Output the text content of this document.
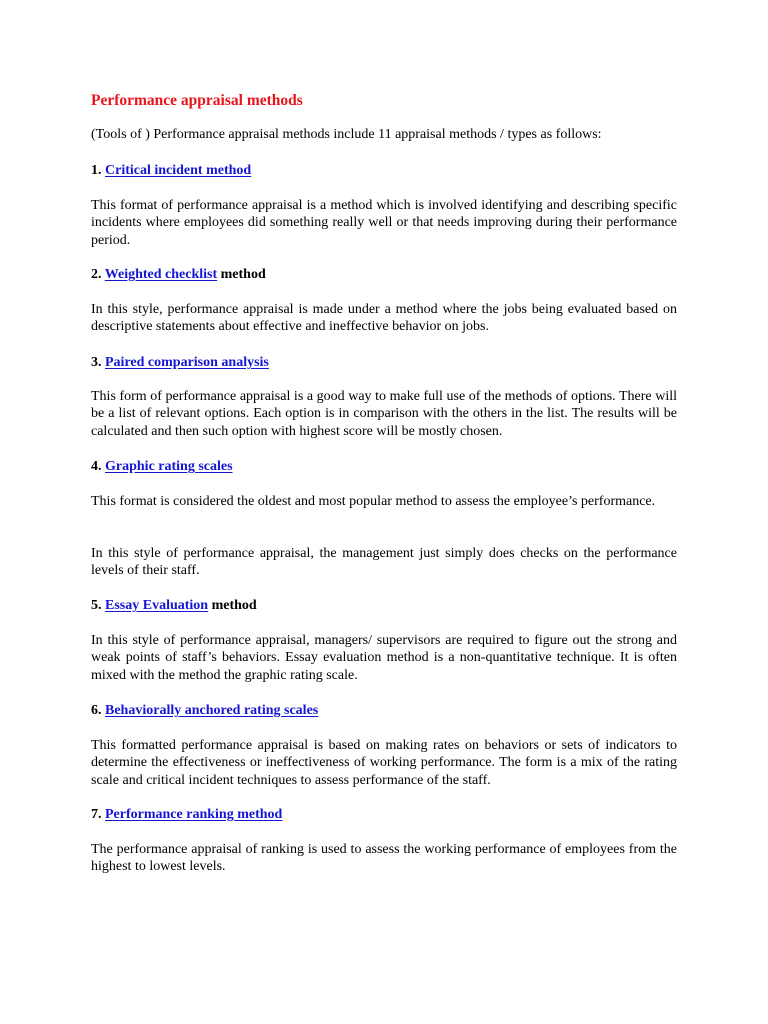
Performance appraisal methods

(Tools of ) Performance appraisal methods include 11 appraisal methods / types as follows:

1. Critical incident method

This format of performance appraisal is a method which is involved identifying and describing specific incidents where employees did something really well or that needs improving during their performance period.

2. Weighted checklist method

In this style, performance appraisal is made under a method where the jobs being evaluated based on descriptive statements about effective and ineffective behavior on jobs.

3. Paired comparison analysis

This form of performance appraisal is a good way to make full use of the methods of options. There will be a list of relevant options. Each option is in comparison with the others in the list. The results will be calculated and then such option with highest score will be mostly chosen.

4. Graphic rating scales

This format is considered the oldest and most popular method to assess the employee’s performance.

In this style of performance appraisal, the management just simply does checks on the performance levels of their staff.

5. Essay Evaluation method

In this style of performance appraisal, managers/ supervisors are required to figure out the strong and weak points of staff’s behaviors. Essay evaluation method is a non-quantitative technique. It is often mixed with the method the graphic rating scale.

6. Behaviorally anchored rating scales

This formatted performance appraisal is based on making rates on behaviors or sets of indicators to determine the effectiveness or ineffectiveness of working performance. The form is a mix of the rating scale and critical incident techniques to assess performance of the staff.

7. Performance ranking method

The performance appraisal of ranking is used to assess the working performance of employees from the highest to lowest levels.
